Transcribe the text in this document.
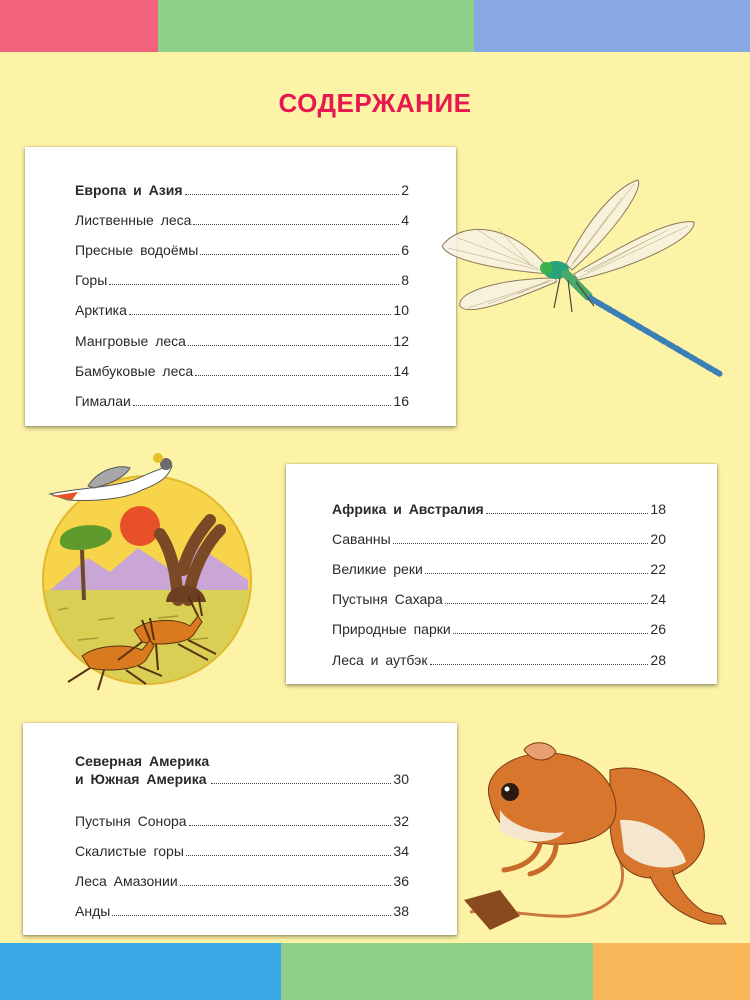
СОДЕРЖАНИЕ
Европа и Азия	2
Лиственные леса	4
Пресные водоёмы	6
Горы	8
Арктика	10
Мангровые леса	12
Бамбуковые леса	14
Гималаи	16
Африка и Австралия	18
Саванны	20
Великие реки	22
Пустыня Сахара	24
Природные парки	26
Леса и аутбэк	28
Северная Америка
и Южная Америка	30
Пустыня Сонора	32
Скалистые горы	34
Леса Амазонии	36
Анды	38
